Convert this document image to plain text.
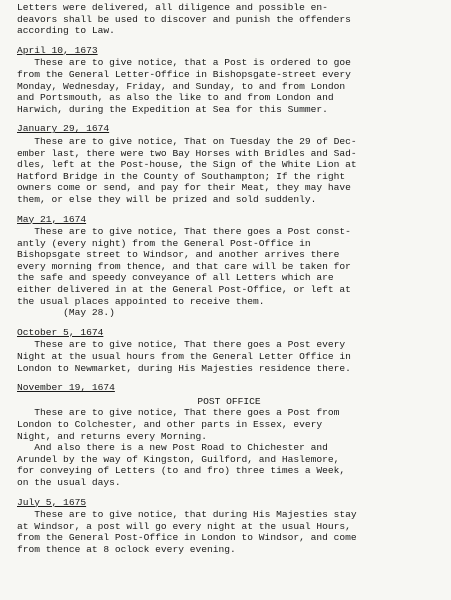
Letters were delivered, all diligence and possible en-
deavors shall be used to discover and punish the offenders
according to Law.

April 10, 1673

These are to give notice, that a Post is ordered to goe
from the General Letter-Office in Bishopsgate-street every
Monday, Wednesday, Friday, and Sunday, to and from London
and Portsmouth, as also the like to and from London and
Harwich, during the Expedition at Sea for this Summer.

January 29, 1674

These are to give notice, That on Tuesday the 29 of Dec-
ember last, there were two Bay Horses with Bridles and Sad-
dles, left at the Post-house, the Sign of the White Lion at
Hatford Bridge in the County of Southampton; If the right
owners come or send, and pay for their Meat, they may have
them, or else they will be prized and sold suddenly.

May 21, 1674

These are to give notice, That there goes a Post const-
antly (every night) from the General Post-Office in
Bishopsgate street to Windsor, and another arrives there
every morning from thence, and that care will be taken for
the safe and speedy conveyance of all Letters which are
either delivered in at the General Post-Office, or left at
the usual places appointed to receive them.
(May 28.)

October 5, 1674

These are to give notice, That there goes a Post every
Night at the usual hours from the General Letter Office in
London to Newmarket, during His Majesties residence there.

November 19, 1674

POST OFFICE

These are to give notice, That there goes a Post from
London to Colchester, and other parts in Essex, every
Night, and returns every Morning.
And also there is a new Post Road to Chichester and
Arundel by the way of Kingston, Guilford, and Haslemore,
for conveying of Letters (to and fro) three times a Week,
on the usual days.

July 5, 1675

These are to give notice, that during His Majesties stay
at Windsor, a post will go every night at the usual Hours,
from the General Post-Office in London to Windsor, and come
from thence at 8 oclock every evening.
